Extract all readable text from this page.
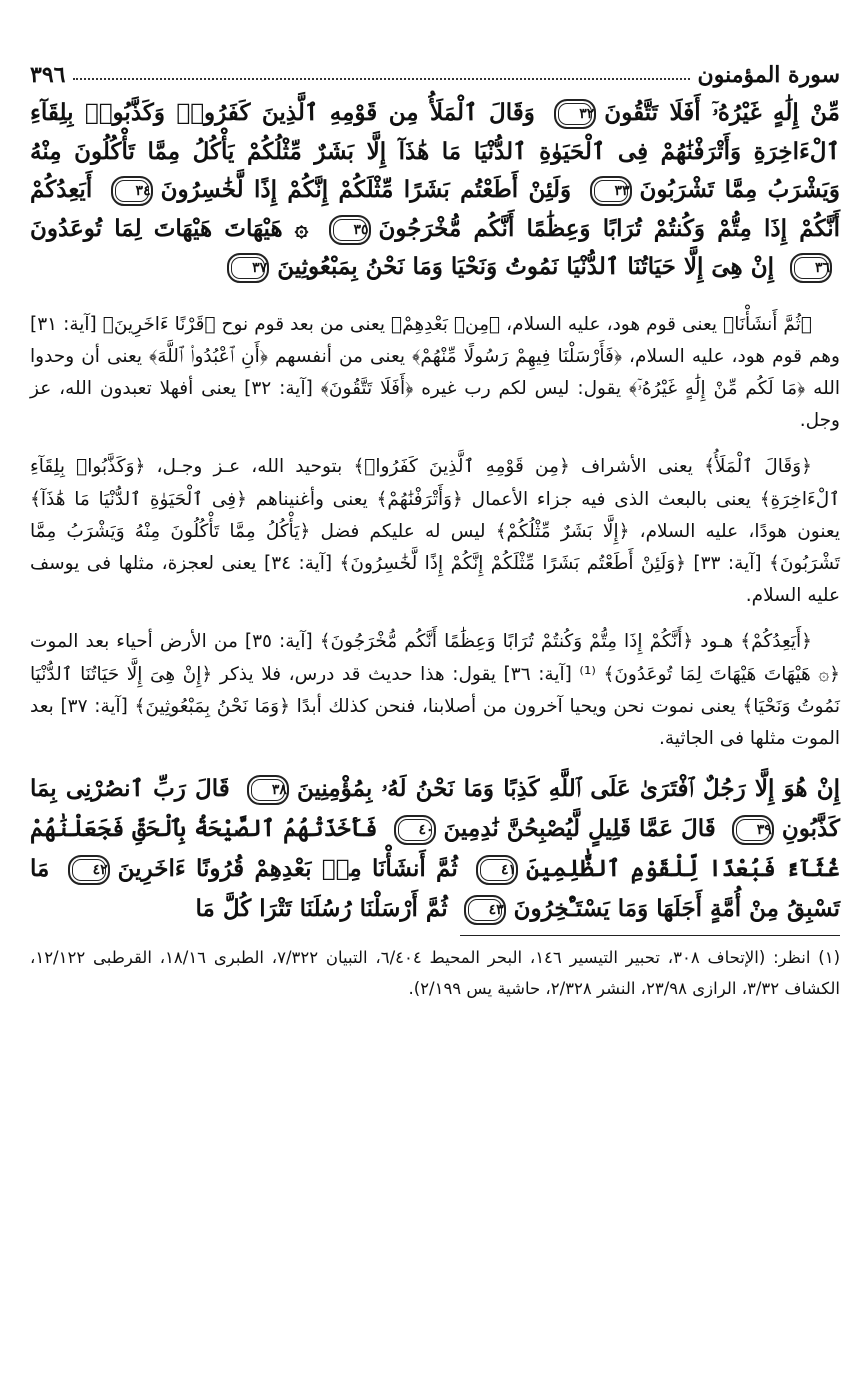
سورة المؤمنون
٣٩٦
مِّنْ إِلَٰهٍ غَيْرُهُۥٓ أَفَلَا تَتَّقُونَ٣٢ وَقَالَ ٱلْمَلَأُ مِن قَوْمِهِ ٱلَّذِينَ كَفَرُوا۟ وَكَذَّبُوا۟ بِلِقَآءِ ٱلْءَاخِرَةِ وَأَتْرَفْنَٰهُمْ فِى ٱلْحَيَوٰةِ ٱلدُّنْيَا مَا هَٰذَآ إِلَّا بَشَرٌ مِّثْلُكُمْ يَأْكُلُ مِمَّا تَأْكُلُونَ مِنْهُ وَيَشْرَبُ مِمَّا تَشْرَبُونَ٣٣ وَلَئِنْ أَطَعْتُم بَشَرًا مِّثْلَكُمْ إِنَّكُمْ إِذًا لَّخَٰسِرُونَ٣٤ أَيَعِدُكُمْ أَنَّكُمْ إِذَا مِتُّمْ وَكُنتُمْ تُرَابًا وَعِظَٰمًا أَنَّكُم مُّخْرَجُونَ٣٥ ۞ هَيْهَاتَ هَيْهَاتَ لِمَا تُوعَدُونَ٣٦ إِنْ هِىَ إِلَّا حَيَاتُنَا ٱلدُّنْيَا نَمُوتُ وَنَحْيَا وَمَا نَحْنُ بِمَبْعُوثِينَ٣٧

﴿ثُمَّ أَنشَأْنَا﴾ يعنى قوم هود، عليه السلام، ﴿مِنۢ بَعْدِهِمْ﴾ يعنى من بعد قوم نوح ﴿قَرْنًا ءَاخَرِينَ﴾ [آية: ٣١] وهم قوم هود، عليه السلام، ﴿فَأَرْسَلْنَا فِيهِمْ رَسُولًا مِّنْهُمْ﴾ يعنى من أنفسهم ﴿أَنِ ٱعْبُدُوا۟ ٱللَّهَ﴾ يعنى أن وحدوا الله ﴿مَا لَكُم مِّنْ إِلَٰهٍ غَيْرُهُۥٓ﴾ يقول: ليس لكم رب غيره ﴿أَفَلَا تَتَّقُونَ﴾ [آية: ٣٢] يعنى أفهلا تعبدون الله، عز وجل.

﴿وَقَالَ ٱلْمَلَأُ﴾ يعنى الأشراف ﴿مِن قَوْمِهِ ٱلَّذِينَ كَفَرُوا۟﴾ بتوحيد الله، عـز وجـل، ﴿وَكَذَّبُوا۟ بِلِقَآءِ ٱلْءَاخِرَةِ﴾ يعنى بالبعث الذى فيه جزاء الأعمال ﴿وَأَتْرَفْنَٰهُمْ﴾ يعنى وأغنيناهم ﴿فِى ٱلْحَيَوٰةِ ٱلدُّنْيَا مَا هَٰذَآ﴾ يعنون هودًا، عليه السلام، ﴿إِلَّا بَشَرٌ مِّثْلُكُمْ﴾ ليس له عليكم فضل ﴿يَأْكُلُ مِمَّا تَأْكُلُونَ مِنْهُ وَيَشْرَبُ مِمَّا تَشْرَبُونَ﴾ [آية: ٣٣] ﴿وَلَئِنْ أَطَعْتُم بَشَرًا مِّثْلَكُمْ إِنَّكُمْ إِذًا لَّخَٰسِرُونَ﴾ [آية: ٣٤] يعنى لعجزة، مثلها فى يوسف عليه السلام.

﴿أَيَعِدُكُمْ﴾ هـود ﴿أَنَّكُمْ إِذَا مِتُّمْ وَكُنتُمْ تُرَابًا وَعِظَٰمًا أَنَّكُم مُّخْرَجُونَ﴾ [آية: ٣٥] من الأرض أحياء بعد الموت ﴿۞ هَيْهَاتَ هَيْهَاتَ لِمَا تُوعَدُونَ﴾ ⁽¹⁾ [آية: ٣٦] يقول: هذا حديث قد درس، فلا يذكر ﴿إِنْ هِىَ إِلَّا حَيَاتُنَا ٱلدُّنْيَا نَمُوتُ وَنَحْيَا﴾ يعنى نموت نحن ويحيا آخرون من أصلابنا، فنحن كذلك أبدًا ﴿وَمَا نَحْنُ بِمَبْعُوثِينَ﴾ [آية: ٣٧] بعد الموت مثلها فى الجاثية.

إِنْ هُوَ إِلَّا رَجُلٌ ٱفْتَرَىٰ عَلَى ٱللَّهِ كَذِبًا وَمَا نَحْنُ لَهُۥ بِمُؤْمِنِينَ٣٨ قَالَ رَبِّ ٱنصُرْنِى بِمَا كَذَّبُونِ٣٩ قَالَ عَمَّا قَلِيلٍ لَّيُصْبِحُنَّ نَٰدِمِينَ٤٠ فَأَخَذَتْهُمُ ٱلصَّيْحَةُ بِٱلْحَقِّ فَجَعَلْنَٰهُمْ غُثَآءً فَبُعْدًا لِّلْقَوْمِ ٱلظَّٰلِمِينَ٤١ ثُمَّ أَنشَأْنَا مِنۢ بَعْدِهِمْ قُرُونًا ءَاخَرِينَ٤٢ مَا تَسْبِقُ مِنْ أُمَّةٍ أَجَلَهَا وَمَا يَسْتَـْٔخِرُونَ٤٣ ثُمَّ أَرْسَلْنَا رُسُلَنَا تَتْرَا كُلَّ مَا
(١) انظر: (الإتحاف ٣٠٨، تحبير التيسير ١٤٦، البحر المحيط ٦/٤٠٤، التبيان ٧/٣٢٢، الطبرى ١٨/١٦، القرطبى ١٢/١٢٢، الكشاف ٣/٣٢، الرازى ٢٣/٩٨، النشر ٢/٣٢٨، حاشية يس ٢/١٩٩).
